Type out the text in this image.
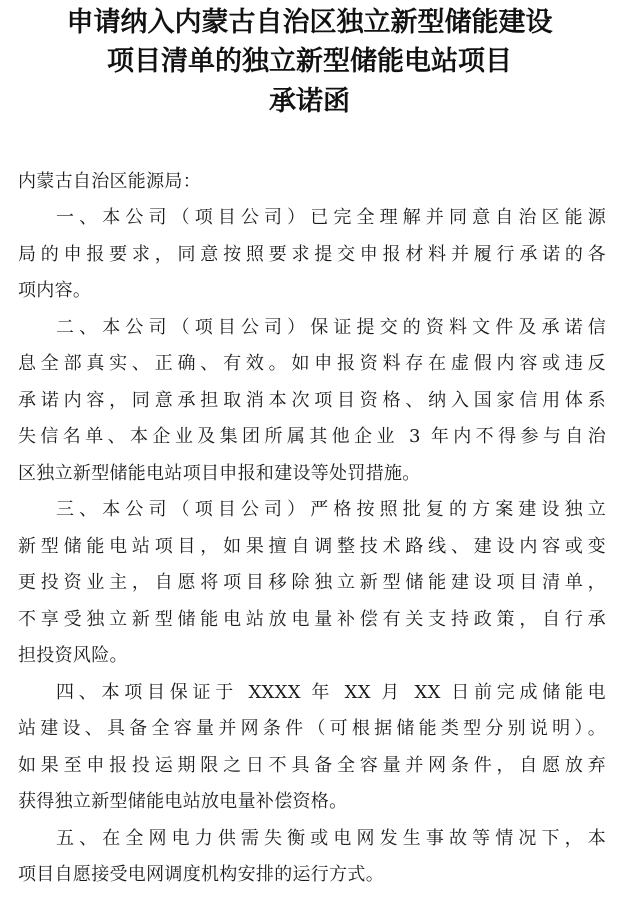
申请纳入内蒙古自治区独立新型储能建设
项目清单的独立新型储能电站项目
承诺函
内蒙古自治区能源局：
一、本公司（项目公司）已完全理解并同意自治区能源
局的申报要求，同意按照要求提交申报材料并履行承诺的各
项内容。
二、本公司（项目公司）保证提交的资料文件及承诺信
息全部真实、正确、有效。如申报资料存在虚假内容或违反
承诺内容，同意承担取消本次项目资格、纳入国家信用体系
失信名单、本企业及集团所属其他企业 3 年内不得参与自治
区独立新型储能电站项目申报和建设等处罚措施。
三、本公司（项目公司）严格按照批复的方案建设独立
新型储能电站项目，如果擅自调整技术路线、建设内容或变
更投资业主，自愿将项目移除独立新型储能建设项目清单，
不享受独立新型储能电站放电量补偿有关支持政策，自行承
担投资风险。
四、本项目保证于 XXXX 年 XX 月 XX 日前完成储能电
站建设、具备全容量并网条件（可根据储能类型分别说明）。
如果至申报投运期限之日不具备全容量并网条件，自愿放弃
获得独立新型储能电站放电量补偿资格。
五、在全网电力供需失衡或电网发生事故等情况下，本
项目自愿接受电网调度机构安排的运行方式。
